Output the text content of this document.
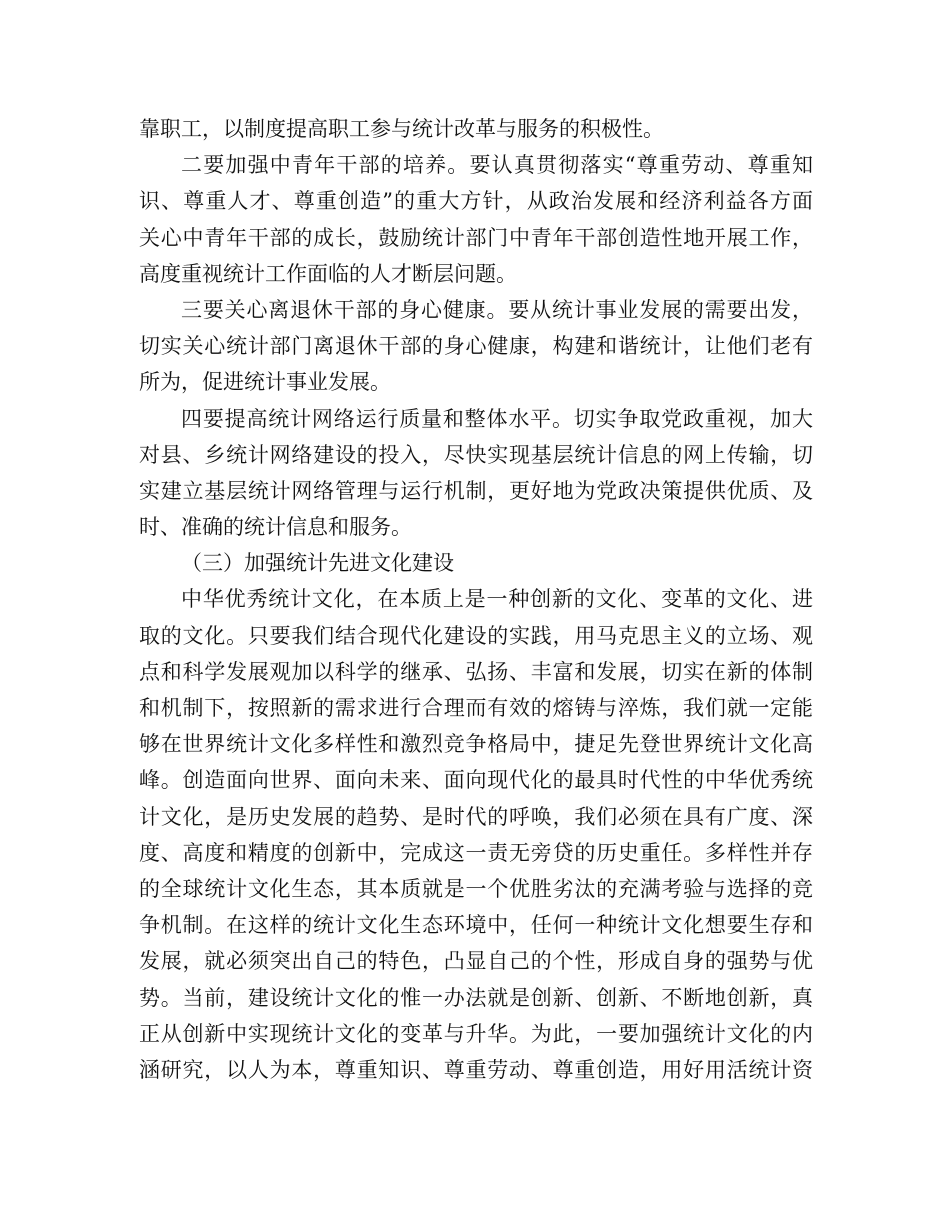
靠职工，以制度提高职工参与统计改革与服务的积极性。
二要加强中青年干部的培养。要认真贯彻落实“尊重劳动、尊重知
识、尊重人才、尊重创造”的重大方针，从政治发展和经济利益各方面
关心中青年干部的成长，鼓励统计部门中青年干部创造性地开展工作，
高度重视统计工作面临的人才断层问题。
三要关心离退休干部的身心健康。要从统计事业发展的需要出发，
切实关心统计部门离退休干部的身心健康，构建和谐统计，让他们老有
所为，促进统计事业发展。
四要提高统计网络运行质量和整体水平。切实争取党政重视，加大
对县、乡统计网络建设的投入，尽快实现基层统计信息的网上传输，切
实建立基层统计网络管理与运行机制，更好地为党政决策提供优质、及
时、准确的统计信息和服务。
（三）加强统计先进文化建设
中华优秀统计文化，在本质上是一种创新的文化、变革的文化、进
取的文化。只要我们结合现代化建设的实践，用马克思主义的立场、观
点和科学发展观加以科学的继承、弘扬、丰富和发展，切实在新的体制
和机制下，按照新的需求进行合理而有效的熔铸与淬炼，我们就一定能
够在世界统计文化多样性和激烈竞争格局中，捷足先登世界统计文化高
峰。创造面向世界、面向未来、面向现代化的最具时代性的中华优秀统
计文化，是历史发展的趋势、是时代的呼唤，我们必须在具有广度、深
度、高度和精度的创新中，完成这一责无旁贷的历史重任。多样性并存
的全球统计文化生态，其本质就是一个优胜劣汰的充满考验与选择的竞
争机制。在这样的统计文化生态环境中，任何一种统计文化想要生存和
发展，就必须突出自己的特色，凸显自己的个性，形成自身的强势与优
势。当前，建设统计文化的惟一办法就是创新、创新、不断地创新，真
正从创新中实现统计文化的变革与升华。为此，一要加强统计文化的内
涵研究，以人为本，尊重知识、尊重劳动、尊重创造，用好用活统计资
